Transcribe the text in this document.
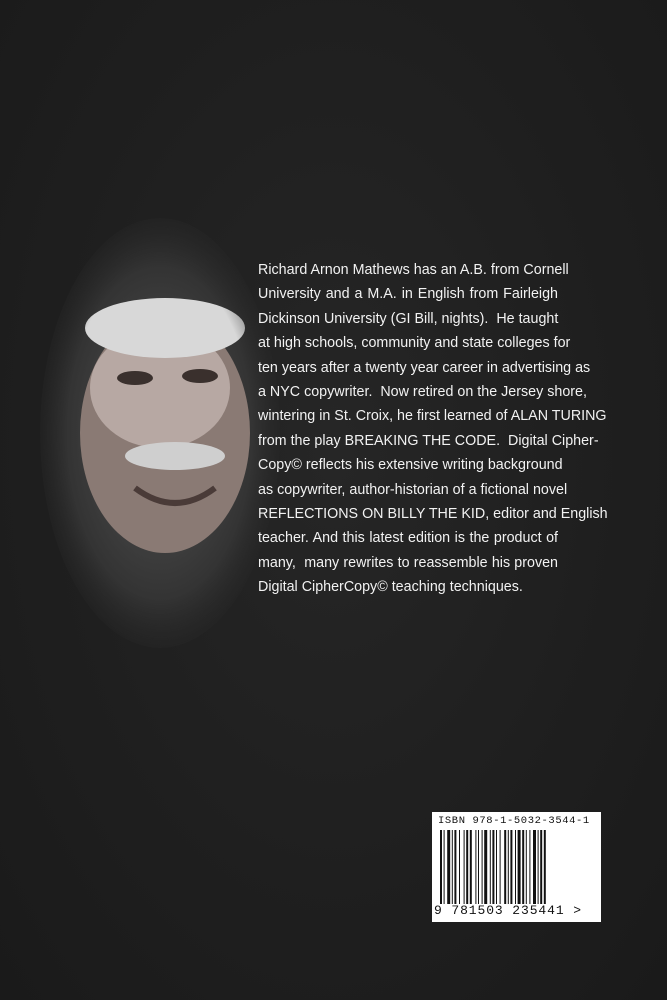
Richard Arnon Mathews has an A.B. from Cornell
University and a M.A. in English from Fairleigh
Dickinson University (GI Bill, nights).  He taught
at high schools, community and state colleges for
ten years after a twenty year career in advertising as
a NYC copywriter.  Now retired on the Jersey shore,
wintering in St. Croix, he first learned of ALAN TURING
from the play BREAKING THE CODE.  Digital Cipher-
Copy© reflects his extensive writing background
as copywriter, author-historian of a fictional novel
REFLECTIONS ON BILLY THE KID, editor and English
teacher. And this latest edition is the product of
many,  many rewrites to reassemble his proven
Digital CipherCopy© teaching techniques.
ISBN 978-1-5032-3544-1
9 781503 235441 >
